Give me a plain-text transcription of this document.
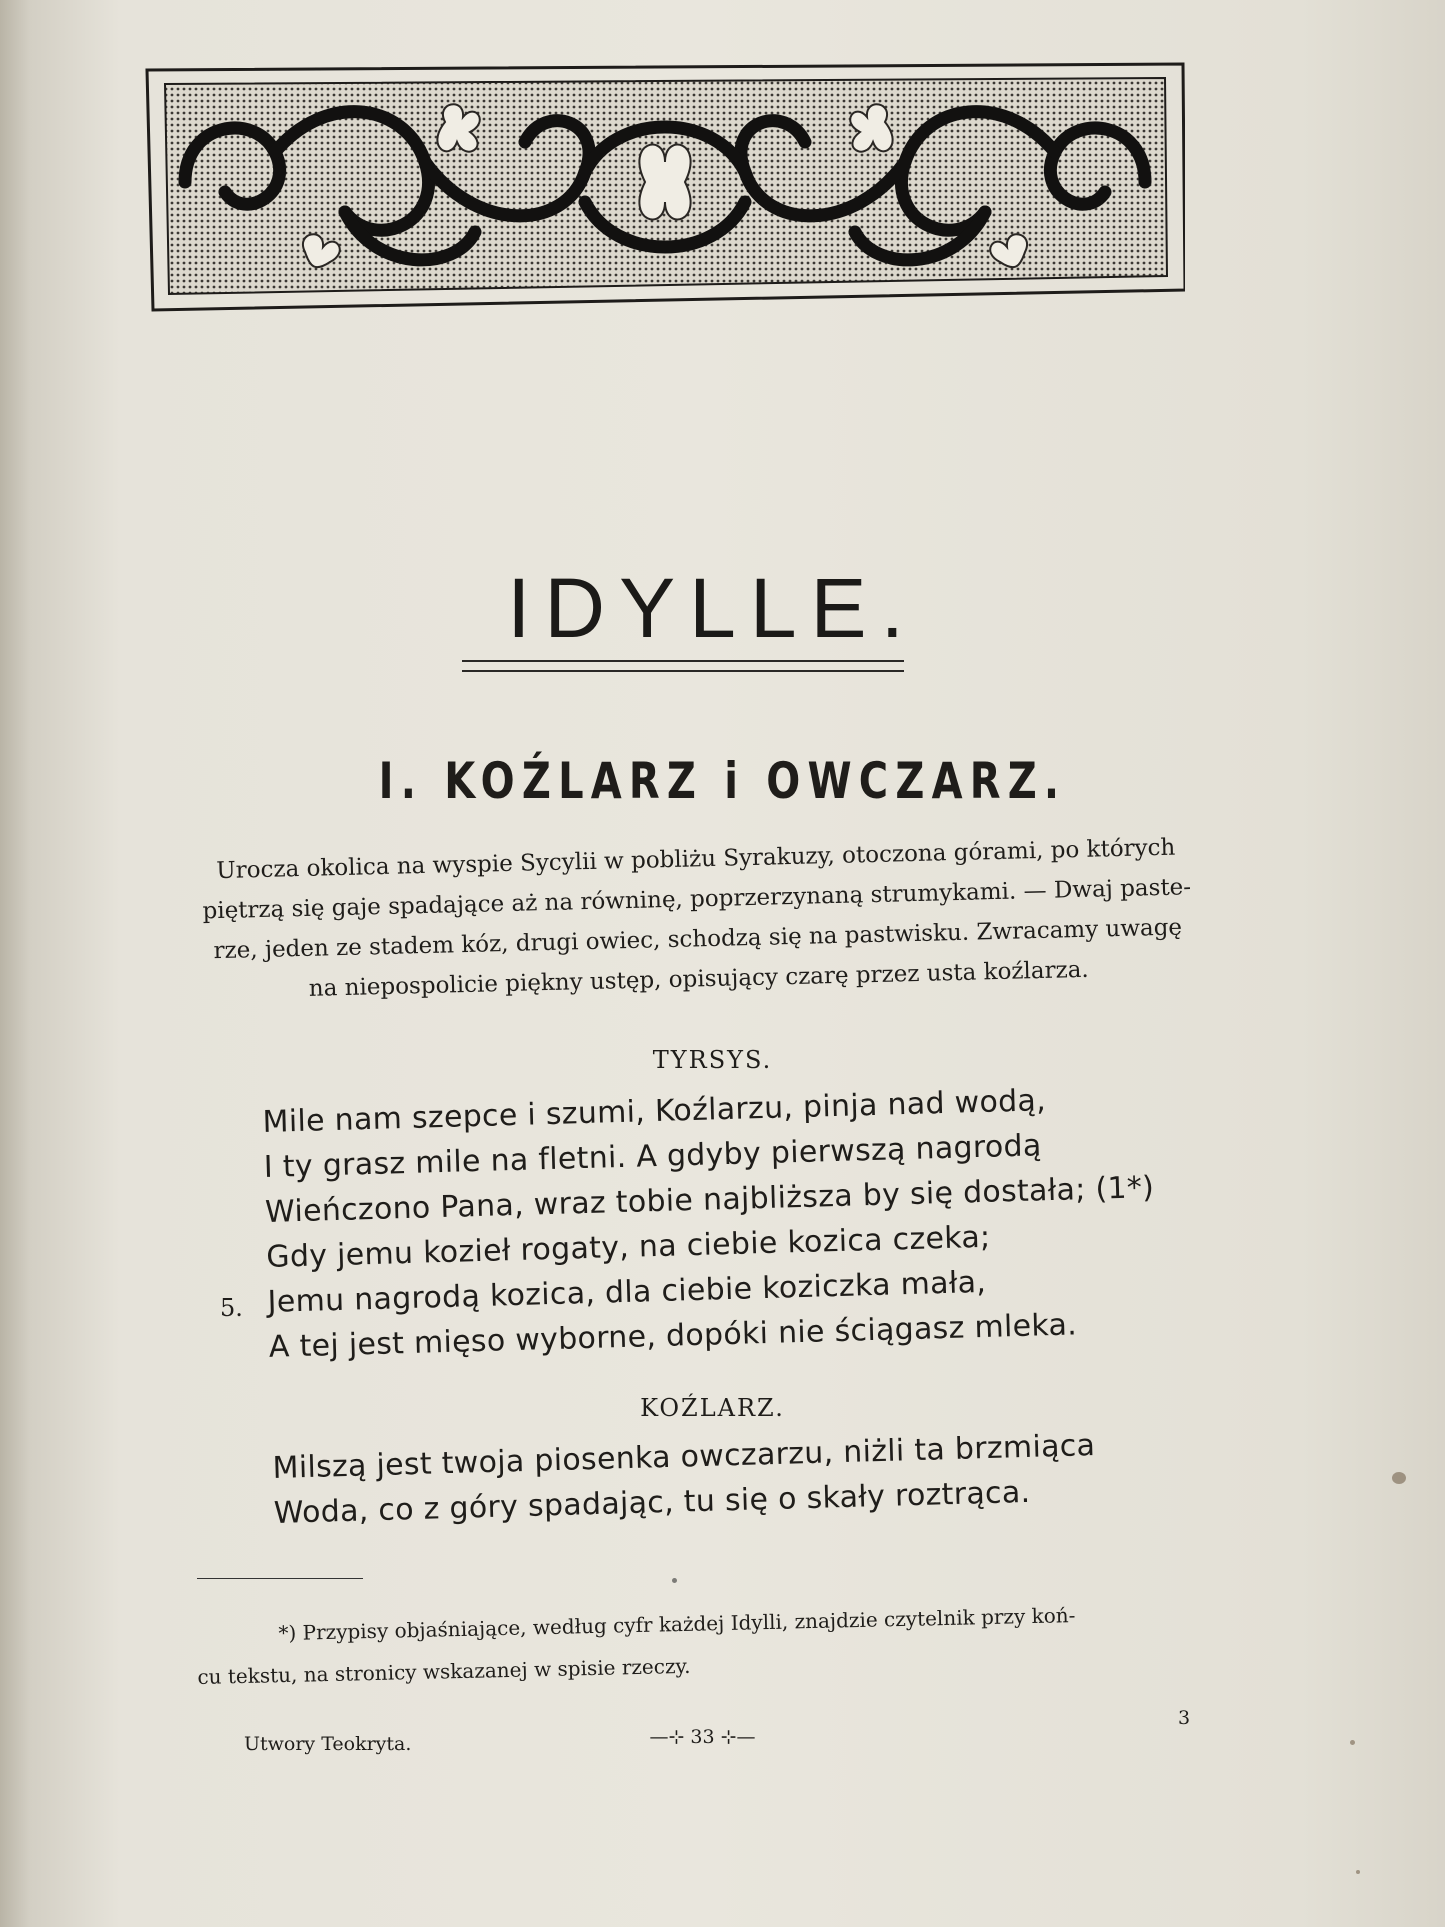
IDYLLE.
I. KOŹLARZ i OWCZARZ.
Urocza okolica na wyspie Sycylii w pobliżu Syrakuzy, otoczona górami, po których
piętrzą się gaje spadające aż na równinę, poprzerzynaną strumykami. — Dwaj paste-
rze, jeden ze stadem kóz, drugi owiec, schodzą się na pastwisku. Zwracamy uwagę
na niepospolicie piękny ustęp, opisujący czarę przez usta koźlarza.
TYRSYS.
Mile nam szepce i szumi, Koźlarzu, pinja nad wodą,
I ty grasz mile na fletni. A gdyby pierwszą nagrodą
Wieńczono Pana, wraz tobie najbliższa by się dostała; (1*)
Gdy jemu kozieł rogaty, na ciebie kozica czeka;
Jemu nagrodą kozica, dla ciebie koziczka mała,
A tej jest mięso wyborne, dopóki nie ściągasz mleka.
5.
KOŹLARZ.
Milszą jest twoja piosenka owczarzu, niżli ta brzmiąca
Woda, co z góry spadając, tu się o skały roztrąca.
*) Przypisy objaśniające, według cyfr każdej Idylli, znajdzie czytelnik przy koń-
cu tekstu, na stronicy wskazanej w spisie rzeczy.
Utwory Teokryta.	—⊹ 33 ⊹—
3
